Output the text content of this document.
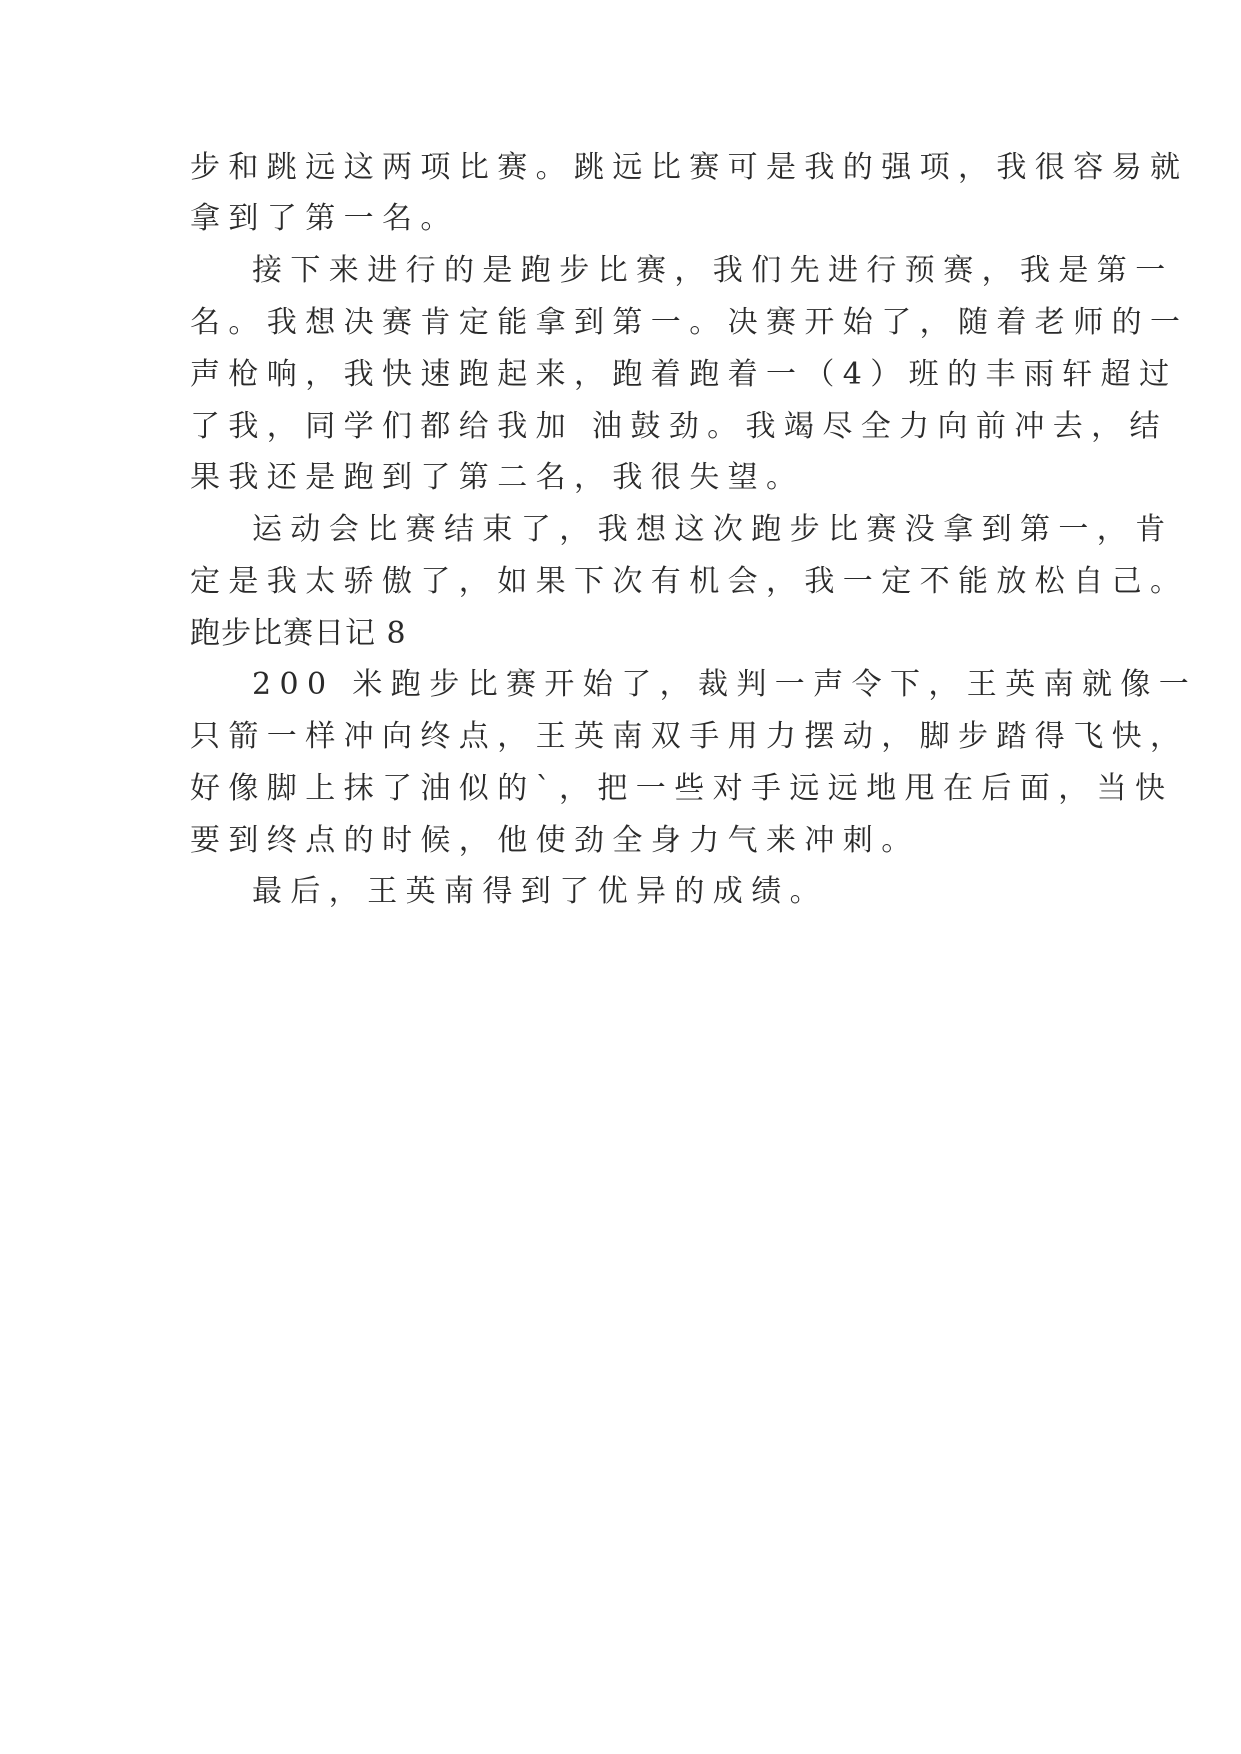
步和跳远这两项比赛。跳远比赛可是我的强项，我很容易就
拿到了第一名。
接下来进行的是跑步比赛，我们先进行预赛，我是第一
名。我想决赛肯定能拿到第一。决赛开始了，随着老师的一
声枪响，我快速跑起来，跑着跑着一（4）班的丰雨轩超过
了我，同学们都给我加 油鼓劲。我竭尽全力向前冲去，结
果我还是跑到了第二名，我很失望。
运动会比赛结束了，我想这次跑步比赛没拿到第一，肯
定是我太骄傲了，如果下次有机会，我一定不能放松自己。
跑步比赛日记 8
200 米跑步比赛开始了，裁判一声令下，王英南就像一
只箭一样冲向终点，王英南双手用力摆动，脚步踏得飞快，
好像脚上抹了油似的`，把一些对手远远地甩在后面，当快
要到终点的时候，他使劲全身力气来冲刺。
最后，王英南得到了优异的成绩。
